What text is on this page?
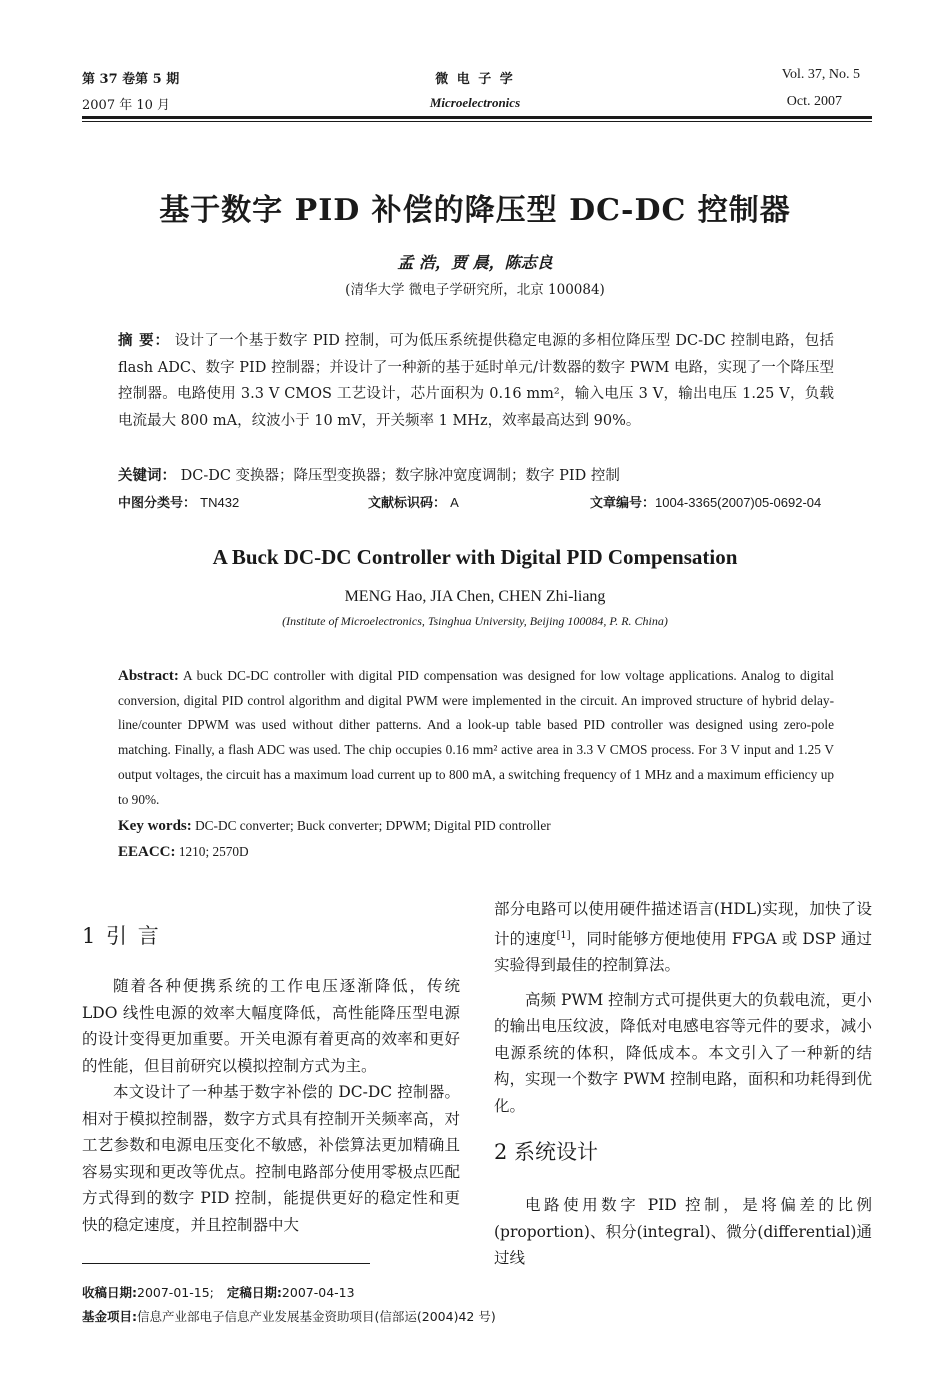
第 37 卷第 5 期
2007 年 10 月
微 电 子 学
Microelectronics
Vol. 37, No. 5
Oct. 2007
基于数字 PID 补偿的降压型 DC-DC 控制器
孟 浩，贾 晨，陈志良
(清华大学 微电子学研究所，北京 100084)
摘 要： 设计了一个基于数字 PID 控制，可为低压系统提供稳定电源的多相位降压型 DC-DC 控制电路，包括 flash ADC、数字 PID 控制器；并设计了一种新的基于延时单元/计数器的数字 PWM 电路，实现了一个降压型控制器。电路使用 3.3 V CMOS 工艺设计，芯片面积为 0.16 mm²，输入电压 3 V，输出电压 1.25 V，负载电流最大 800 mA，纹波小于 10 mV，开关频率 1 MHz，效率最高达到 90%。
关键词： DC-DC 变换器；降压型变换器；数字脉冲宽度调制；数字 PID 控制
中图分类号： TN432	文献标识码： A	文章编号：1004-3365(2007)05-0692-04
A Buck DC-DC Controller with Digital PID Compensation
MENG Hao, JIA Chen, CHEN Zhi-liang
(Institute of Microelectronics, Tsinghua University, Beijing 100084, P. R. China)
Abstract: A buck DC-DC controller with digital PID compensation was designed for low voltage applications. Analog to digital conversion, digital PID control algorithm and digital PWM were implemented in the circuit. An improved structure of hybrid delay-line/counter DPWM was used without dither patterns. And a look-up table based PID controller was designed using zero-pole matching. Finally, a flash ADC was used. The chip occupies 0.16 mm² active area in 3.3 V CMOS process. For 3 V input and 1.25 V output voltages, the circuit has a maximum load current up to 800 mA, a switching frequency of 1 MHz and a maximum efficiency up to 90%.
Key words: DC-DC converter; Buck converter; DPWM; Digital PID controller
EEACC: 1210; 2570D
1 引 言

随着各种便携系统的工作电压逐渐降低，传统 LDO 线性电源的效率大幅度降低，高性能降压型电源的设计变得更加重要。开关电源有着更高的效率和更好的性能，但目前研究以模拟控制方式为主。

本文设计了一种基于数字补偿的 DC-DC 控制器。相对于模拟控制器，数字方式具有控制开关频率高，对工艺参数和电源电压变化不敏感，补偿算法更加精确且容易实现和更改等优点。控制电路部分使用零极点匹配方式得到的数字 PID 控制，能提供更好的稳定性和更快的稳定速度，并且控制器中大

部分电路可以使用硬件描述语言(HDL)实现，加快了设计的速度[1]，同时能够方便地使用 FPGA 或 DSP 通过实验得到最佳的控制算法。

高频 PWM 控制方式可提供更大的负载电流，更小的输出电压纹波，降低对电感电容等元件的要求，减小电源系统的体积，降低成本。本文引入了一种新的结构，实现一个数字 PWM 控制电路，面积和功耗得到优化。

2 系统设计

电路使用数字 PID 控制，是将偏差的比例(proportion)、积分(integral)、微分(differential)通过线

收稿日期:2007-01-15; 定稿日期:2007-04-13
基金项目:信息产业部电子信息产业发展基金资助项目(信部运(2004)42 号)
